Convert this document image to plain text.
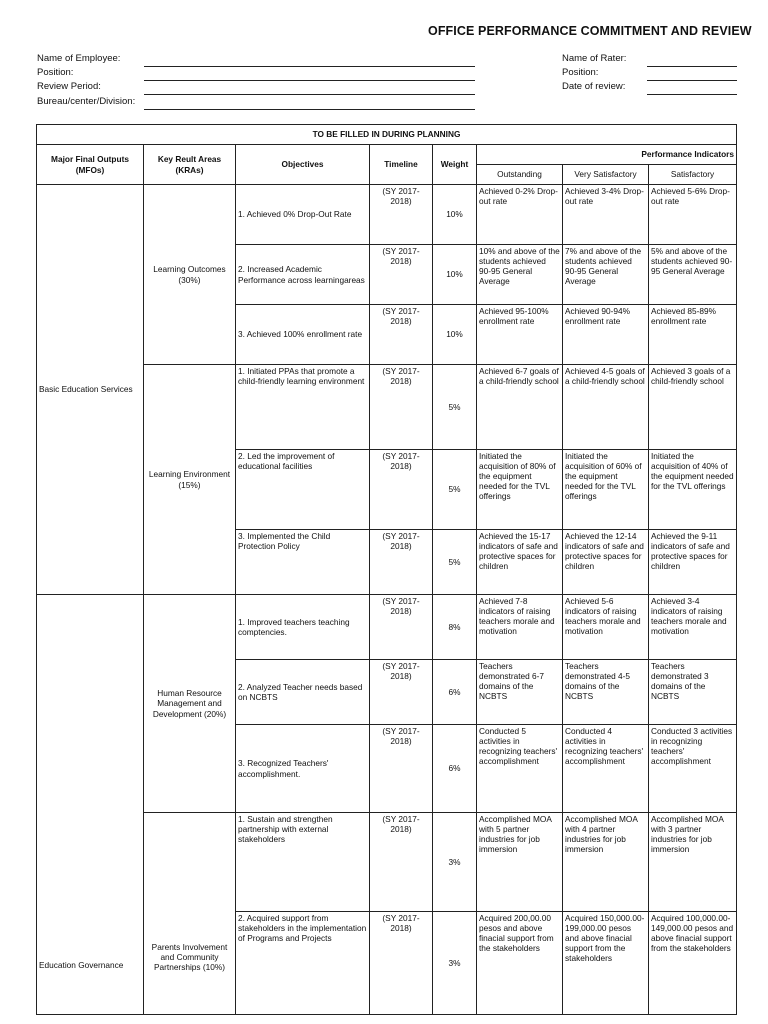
OFFICE PERFORMANCE COMMITMENT AND REVIEW
Name of Employee:
Position:
Review Period:
Bureau/center/Division:
Name of Rater:
Position:
Date of review:
TO BE FILLED IN DURING PLANNING							
Major Final Outputs (MFOs)	Key Reult Areas (KRAs)	Objectives	Timeline	Weight	Performance Indicators		
					Outstanding	Very Satisfactory	Satisfactory
Basic Education Services	Learning Outcomes (30%)	1. Achieved 0% Drop-Out Rate	(SY 2017-2018)	10%	Achieved 0-2% Drop-out rate	Achieved 3-4% Drop-out rate	Achieved 5-6% Drop-out rate
		2. Increased Academic Performance across learningareas	(SY 2017-2018)	10%	10% and above of the students achieved 90-95 General Average	7% and above of the students achieved 90-95 General Average	5% and above of the students achieved 90-95 General Average
		3. Achieved 100% enrollment rate	(SY 2017-2018)	10%	Achieved 95-100% enrollment rate	Achieved 90-94% enrollment rate	Achieved 85-89% enrollment rate
	Learning Environment (15%)	1. Initiated PPAs that promote a child-friendly learning environment	(SY 2017-2018)	5%	Achieved 6-7 goals of a child-friendly school	Achieved 4-5 goals of a child-friendly school	Achieved 3 goals of a child-friendly school
		2. Led the improvement of educational facilities	(SY 2017-2018)	5%	Initiated the acquisition of 80% of the equipment needed for the TVL offerings	Initiated the acquisition of 60% of the equipment needed for the TVL offerings	Initiated the acquisition of 40% of the equipment needed for the TVL offerings
		3. Implemented the Child Protection Policy	(SY 2017-2018)	5%	Achieved the 15-17 indicators of safe and protective spaces for children	Achieved the 12-14 indicators of safe and protective spaces for children	Achieved the 9-11 indicators of safe and protective spaces for children
Education Governance	Human Resource Management and Development (20%)	1. Improved teachers teaching comptencies.	(SY 2017-2018)	8%	Achieved 7-8 indicators of raising teachers morale and motivation	Achieved 5-6 indicators of raising teachers morale and motivation	Achieved 3-4 indicators of raising teachers morale and motivation
		2. Analyzed Teacher needs based on NCBTS	(SY 2017-2018)	6%	Teachers demonstrated 6-7 domains of the NCBTS	Teachers demonstrated 4-5 domains of the NCBTS	Teachers demonstrated 3 domains of the NCBTS
		3. Recognized Teachers' accomplishment.	(SY 2017-2018)	6%	Conducted 5 activities in recognizing teachers' accomplishment	Conducted 4 activities in recognizing teachers' accomplishment	Conducted 3 activities in recognizing teachers' accomplishment
	Parents Involvement and Community Partnerships (10%)	1. Sustain and strengthen partnership with external stakeholders	(SY 2017-2018)	3%	Accomplished MOA with 5 partner industries for job immersion	Accomplished MOA with 4 partner industries for job immersion	Accomplished MOA with 3 partner industries for job immersion
		2. Acquired support from stakeholders in the implementation of Programs and Projects	(SY 2017-2018)	3%	Acquired 200,00.00 pesos and above finacial support from the stakeholders	Acquired 150,000.00-199,000.00 pesos and above finacial support from the stakeholders	Acquired 100,000.00-149,000.00 pesos and above finacial support from the stakeholders
